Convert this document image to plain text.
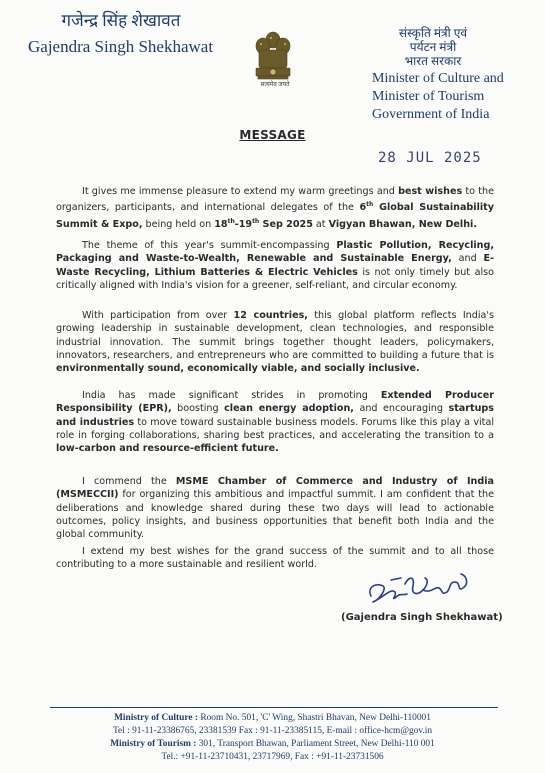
गजेन्द्र सिंह शेखावत
Gajendra Singh Shekhawat
सत्यमेव जयते
संस्कृति मंत्री एवं
पर्यटन मंत्री
भारत सरकार
Minister of Culture and
Minister of Tourism
Government of India
MESSAGE
28 JUL 2025

It gives me immense pleasure to extend my warm greetings and best wishes to the organizers, participants, and international delegates of the 6th Global Sustainability Summit & Expo, being held on 18th-19th Sep 2025 at Vigyan Bhawan, New Delhi.

The theme of this year's summit-encompassing Plastic Pollution, Recycling, Packaging and Waste-to-Wealth, Renewable and Sustainable Energy, and E-Waste Recycling, Lithium Batteries & Electric Vehicles is not only timely but also critically aligned with India's vision for a greener, self-reliant, and circular economy.

With participation from over 12 countries, this global platform reflects India's growing leadership in sustainable development, clean technologies, and responsible industrial innovation. The summit brings together thought leaders, policymakers, innovators, researchers, and entrepreneurs who are committed to building a future that is environmentally sound, economically viable, and socially inclusive.

India has made significant strides in promoting Extended Producer Responsibility (EPR), boosting clean energy adoption, and encouraging startups and industries to move toward sustainable business models. Forums like this play a vital role in forging collaborations, sharing best practices, and accelerating the transition to a low-carbon and resource-efficient future.

I commend the MSME Chamber of Commerce and Industry of India (MSMECCII) for organizing this ambitious and impactful summit. I am confident that the deliberations and knowledge shared during these two days will lead to actionable outcomes, policy insights, and business opportunities that benefit both India and the global community.

I extend my best wishes for the grand success of the summit and to all those contributing to a more sustainable and resilient world.

(Gajendra Singh Shekhawat)
Ministry of Culture : Room No. 501, 'C' Wing, Shastri Bhavan, New Delhi-110001
Tel : 91-11-23386765, 23381539 Fax : 91-11-23385115, E-mail : office-hcm@gov.in
Ministry of Tourism : 301, Transport Bhawan, Parliament Street, New Delhi-110 001
Tel.: +91-11-23710431, 23717969, Fax : +91-11-23731506
